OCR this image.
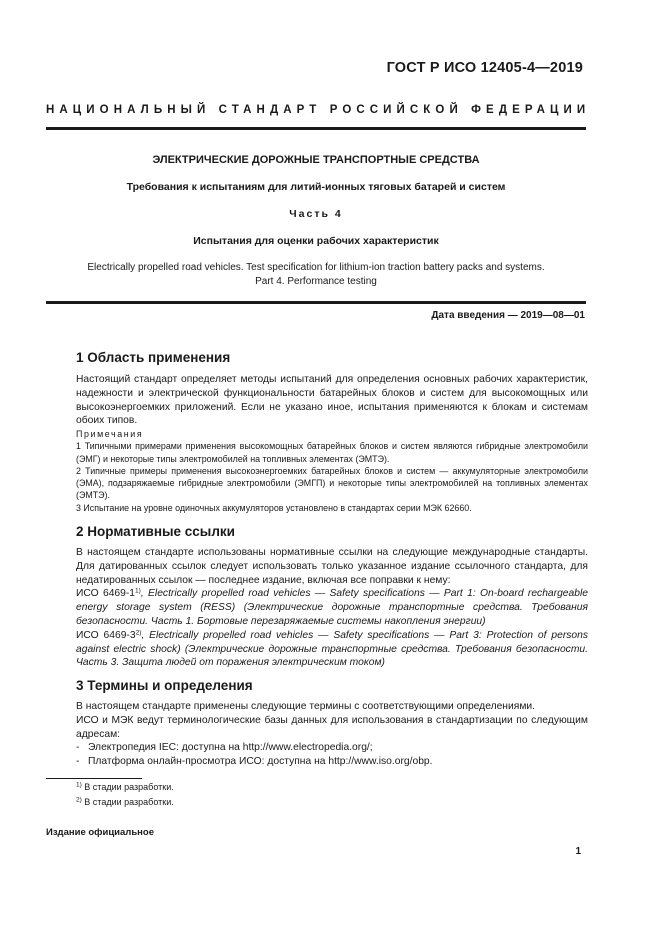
ГОСТ Р ИСО 12405-4—2019
НАЦИОНАЛЬНЫЙ СТАНДАРТ РОССИЙСКОЙ ФЕДЕРАЦИИ
ЭЛЕКТРИЧЕСКИЕ ДОРОЖНЫЕ ТРАНСПОРТНЫЕ СРЕДСТВА
Требования к испытаниям для литий-ионных тяговых батарей и систем
Часть 4
Испытания для оценки рабочих характеристик
Electrically propelled road vehicles. Test specification for lithium-ion traction battery packs and systems.
Part 4. Performance testing
Дата введения — 2019—08—01
1 Область применения

Настоящий стандарт определяет методы испытаний для определения основных рабочих характеристик, надежности и электрической функциональности батарейных блоков и систем для высокомощных или высокоэнергоемких приложений. Если не указано иное, испытания применяются к блокам и системам обоих типов.

Примечания

1 Типичными примерами применения высокомощных батарейных блоков и систем являются гибридные электромобили (ЭМГ) и некоторые типы электромобилей на топливных элементах (ЭМТЭ).

2 Типичные примеры применения высокоэнергоемких батарейных блоков и систем — аккумуляторные электромобили (ЭМА), подзаряжаемые гибридные электромобили (ЭМГП) и некоторые типы электромобилей на топливных элементах (ЭМТЭ).

3 Испытание на уровне одиночных аккумуляторов установлено в стандартах серии МЭК 62660.

2 Нормативные ссылки

В настоящем стандарте использованы нормативные ссылки на следующие международные стандарты. Для датированных ссылок следует использовать только указанное издание ссылочного стандарта, для недатированных ссылок — последнее издание, включая все поправки к нему:

ИСО 6469-1$^{1)}$, Electrically propelled road vehicles — Safety specifications — Part 1: On-board rechargeable energy storage system (RESS) (Электрические дорожные транспортные средства. Требования безопасности. Часть 1. Бортовые перезаряжаемые системы накопления энергии)

ИСО 6469-3$^{2)}$, Electrically propelled road vehicles — Safety specifications — Part 3: Protection of persons against electric shock) (Электрические дорожные транспортные средства. Требования безопасности. Часть 3. Защита людей от поражения электрическим током)

3 Термины и определения

В настоящем стандарте применены следующие термины с соответствующими определениями.

ИСО и МЭК ведут терминологические базы данных для использования в стандартизации по следующим адресам:

- Электропедия IEC: доступна на http://www.electropedia.org/;

- Платформа онлайн-просмотра ИСО: доступна на http://www.iso.org/obp.

$^{1)}$ В стадии разработки.
$^{2)}$ В стадии разработки.
Издание официальное
1
